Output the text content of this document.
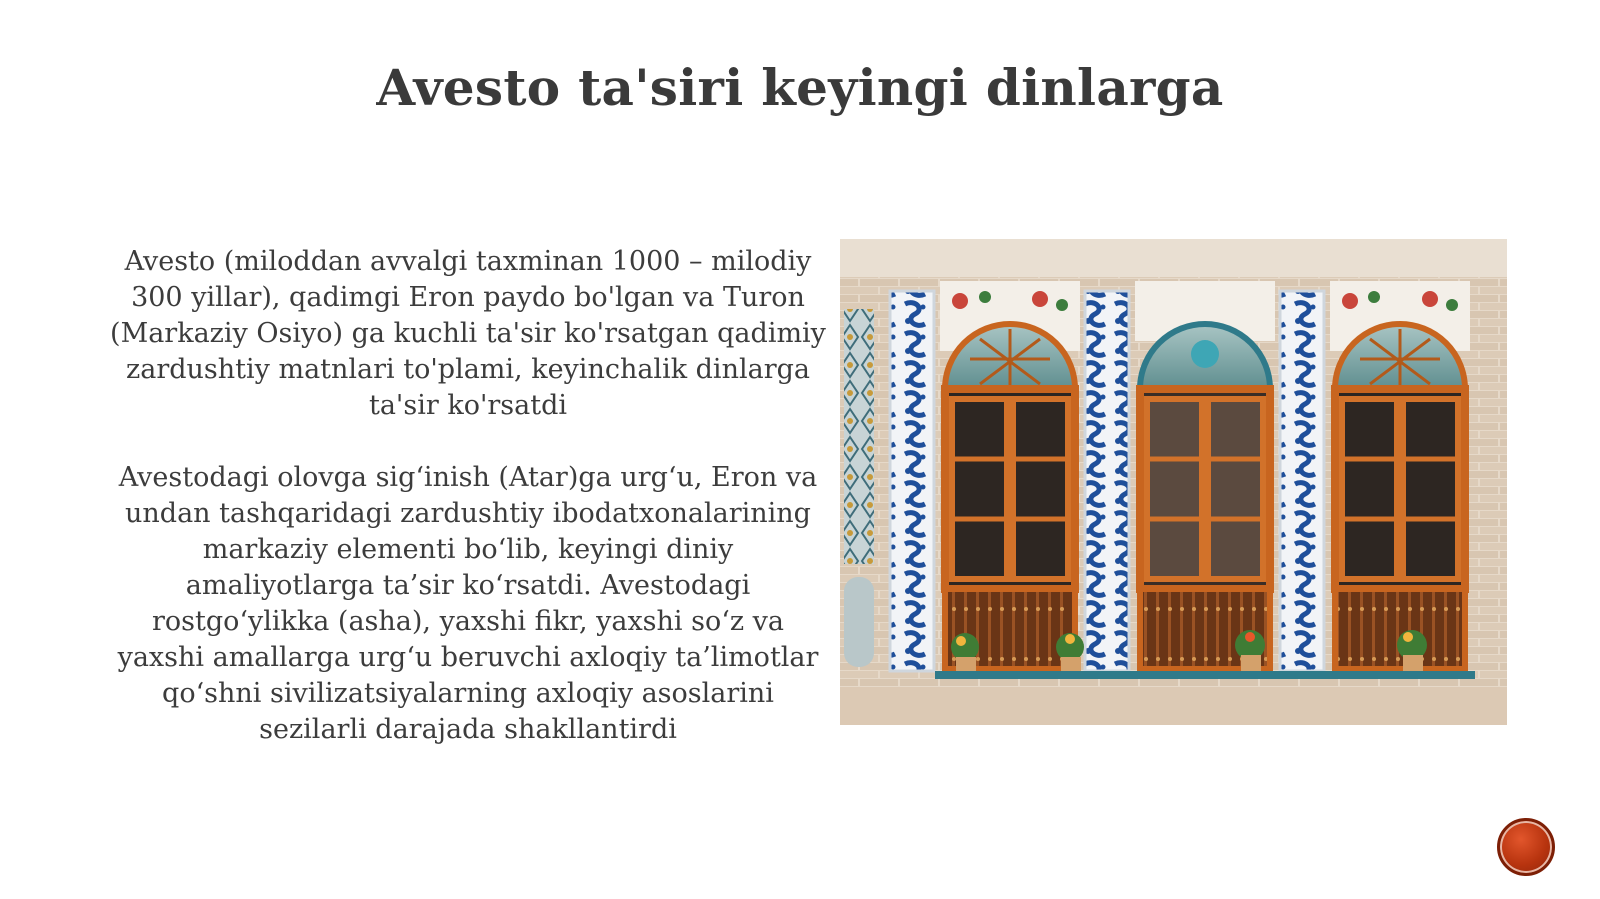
Avesto ta'siri keyingi dinlarga

Avesto (miloddan avvalgi taxminan 1000 – milodiy 300 yillar), qadimgi Eron paydo bo'lgan va Turon (Markaziy Osiyo) ga kuchli ta'sir ko'rsatgan qadimiy zardushtiy matnlari to'plami, keyinchalik dinlarga ta'sir ko'rsatdi

Avestodagi olovga sig‘inish (Atar)ga urg‘u, Eron va undan tashqaridagi zardushtiy ibodatxonalarining markaziy elementi bo‘lib, keyingi diniy amaliyotlarga ta’sir ko‘rsatdi. Avestodagi rostgo‘ylikka (asha), yaxshi fikr, yaxshi so‘z va yaxshi amallarga urg‘u beruvchi axloqiy ta’limotlar qo‘shni sivilizatsiyalarning axloqiy asoslarini sezilarli darajada shakllantirdi
